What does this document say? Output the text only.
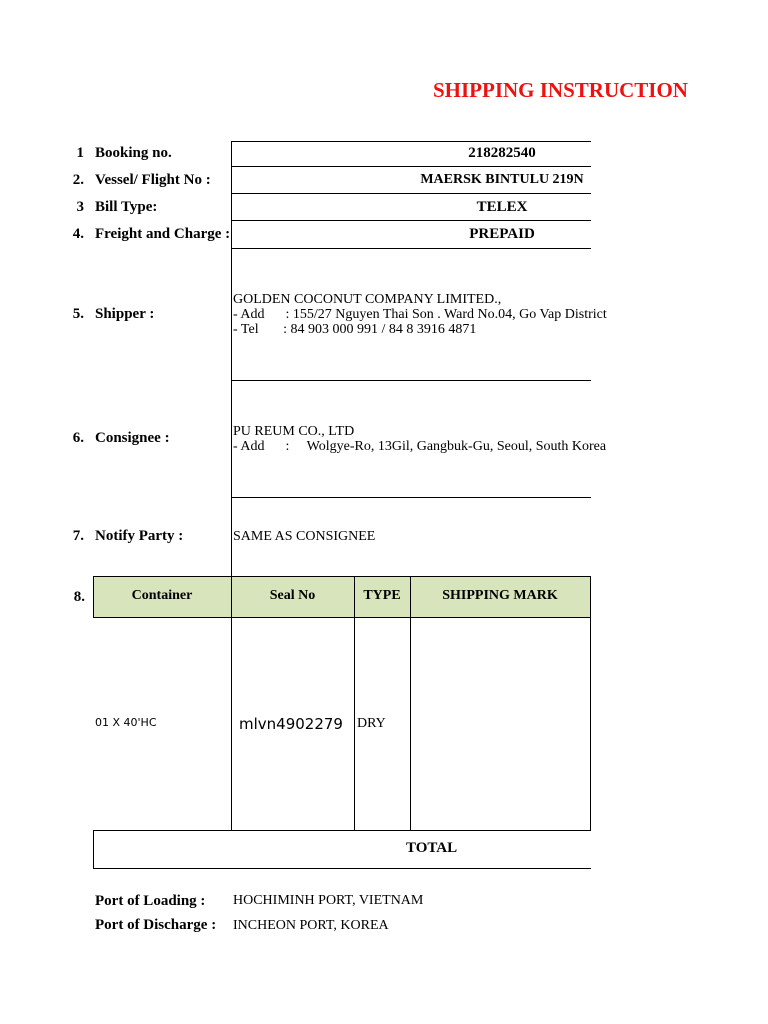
SHIPPING INSTRUCTION
1 Booking no.	218282540
2. Vessel/ Flight No :	MAERSK BINTULU 219N
3 Bill Type:	TELEX
4. Freight and Charge :	PREPAID
5. Shipper :
GOLDEN COCONUT COMPANY LIMITED.,
- Add      : 155/27 Nguyen Thai Son . Ward No.04, Go Vap District
- Tel       : 84 903 000 991 / 84 8 3916 4871
6. Consignee :	PU REUM CO., LTD
- Add      :     Wolgye-Ro, 13Gil, Gangbuk-Gu, Seoul, South Korea
7. Notify Party :	SAME AS CONSIGNEE
8.	Container	Seal No	TYPE	SHIPPING MARK
01 X 40'HC	mlvn4902279 DRY
TOTAL
Port of Loading : HOCHIMINH PORT, VIETNAM
Port of Discharge : INCHEON PORT, KOREA
